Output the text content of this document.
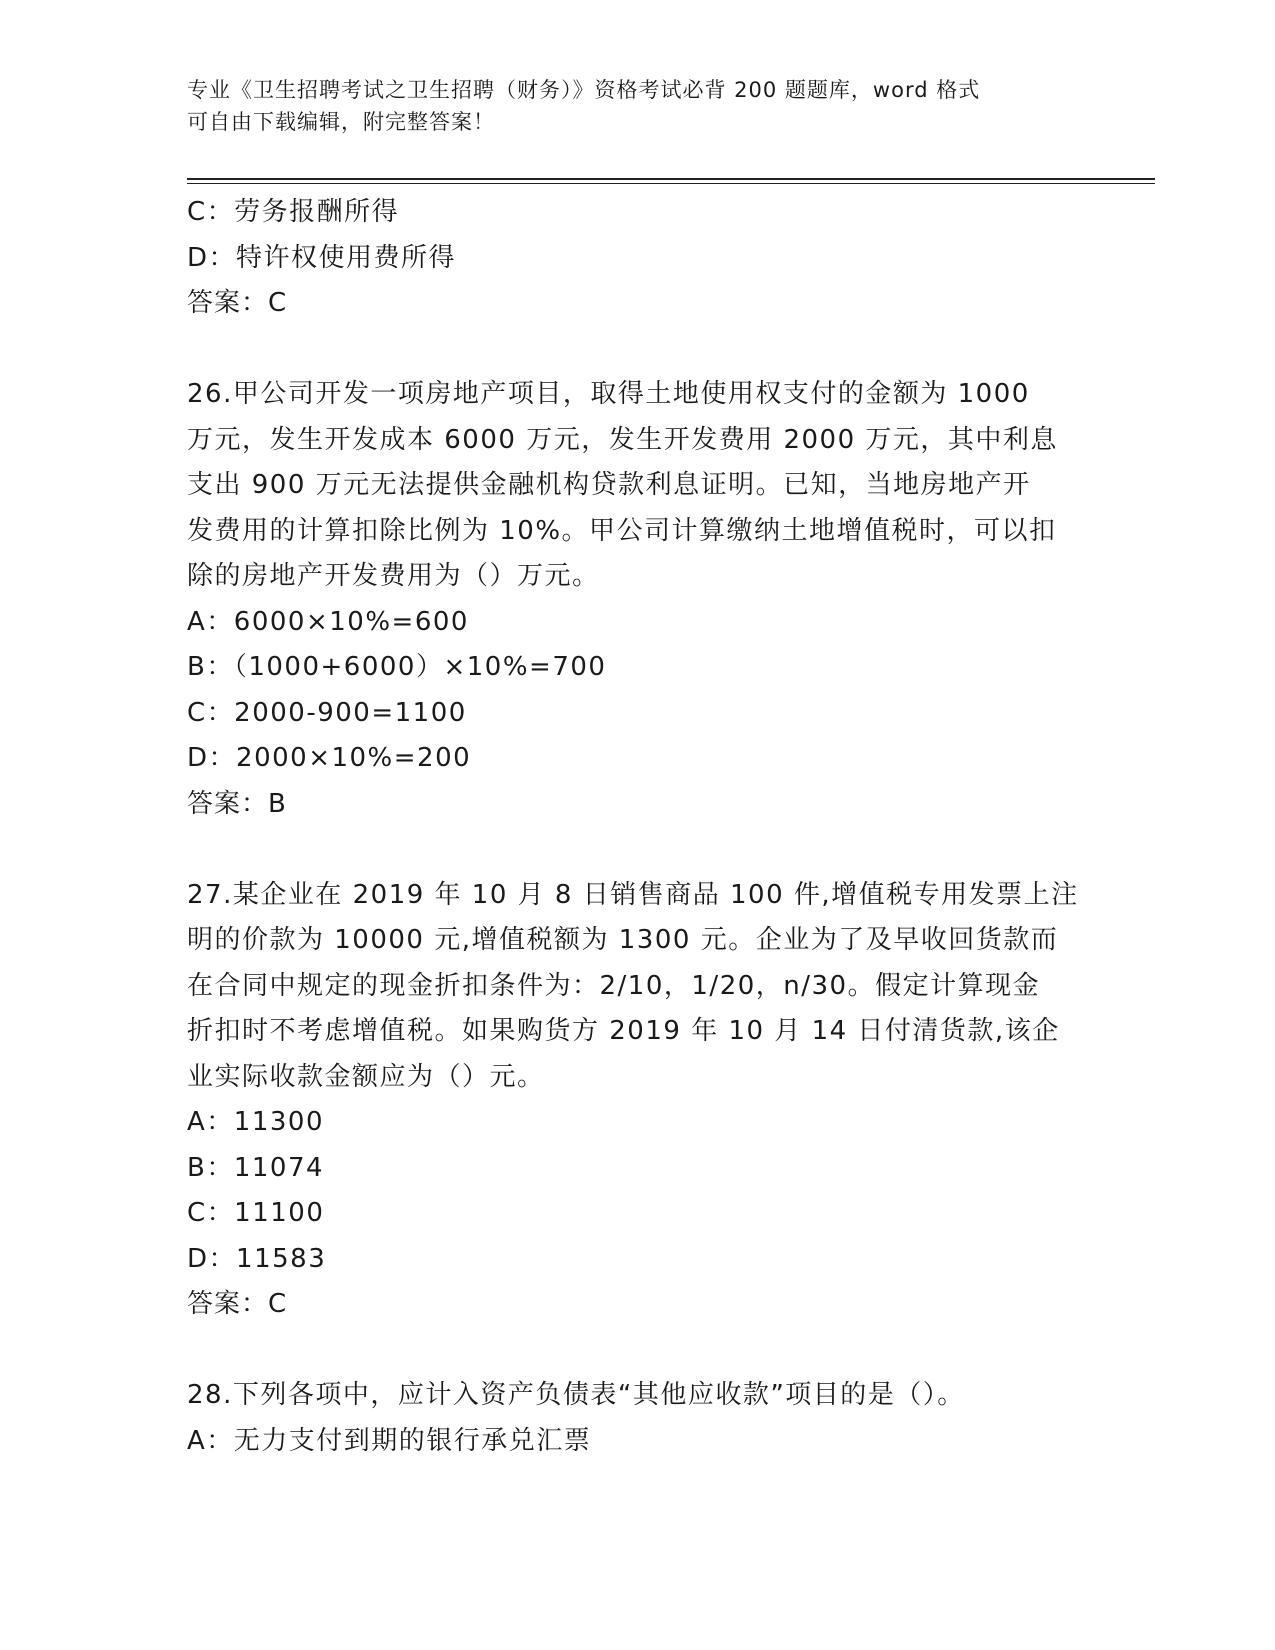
专业《卫生招聘考试之卫生招聘（财务）》资格考试必背 200 题题库，word 格式
可自由下载编辑，附完整答案！

C：劳务报酬所得

D：特许权使用费所得

答案：C

26.甲公司开发一项房地产项目，取得土地使用权支付的金额为 1000

万元，发生开发成本 6000 万元，发生开发费用 2000 万元，其中利息

支出 900 万元无法提供金融机构贷款利息证明。已知，当地房地产开

发费用的计算扣除比例为 10%。甲公司计算缴纳土地增值税时，可以扣

除的房地产开发费用为（）万元。

A：6000×10%=600

B：（1000+6000）×10%=700

C：2000-900=1100

D：2000×10%=200

答案：B

27.某企业在 2019 年 10 月 8 日销售商品 100 件,增值税专用发票上注

明的价款为 10000 元,增值税额为 1300 元。企业为了及早收回货款而

在合同中规定的现金折扣条件为：2/10，1/20，n/30。假定计算现金

折扣时不考虑增值税。如果购货方 2019 年 10 月 14 日付清货款,该企

业实际收款金额应为（）元。

A：11300

B：11074

C：11100

D：11583

答案：C

28.下列各项中，应计入资产负债表“其他应收款”项目的是（）。

A：无力支付到期的银行承兑汇票
